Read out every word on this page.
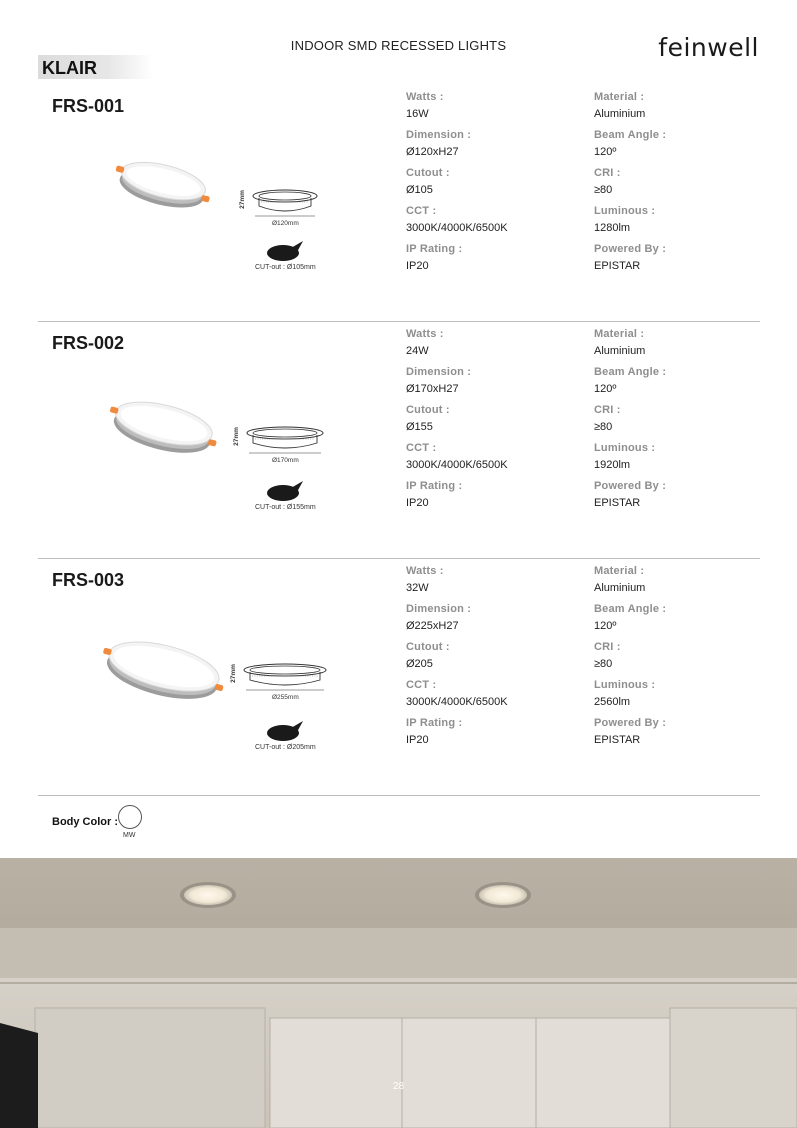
INDOOR SMD RECESSED LIGHTS	feinwell
KLAIR
FRS-001	Watts :
16W
Dimension :
Ø120xH27
Cutout :
Ø105
CCT :
3000K/4000K/6500K
IP Rating :
IP20
Material :
Aluminium
Beam Angle :
120º
CRI :
≥80
Luminous :
1280lm
Powered By :
EPISTAR
27mm
Ø120mm
CUT-out : Ø105mm
FRS-002	Watts :
24W
Dimension :
Ø170xH27
Cutout :
Ø155
CCT :
3000K/4000K/6500K
IP Rating :
IP20
Material :
Aluminium
Beam Angle :
120º
CRI :
≥80
Luminous :
1920lm
Powered By :
EPISTAR
27mm
Ø170mm
CUT-out : Ø155mm
FRS-003	Watts :
32W
Dimension :
Ø225xH27
Cutout :
Ø205
CCT :
3000K/4000K/6500K
IP Rating :
IP20
Material :
Aluminium
Beam Angle :
120º
CRI :
≥80
Luminous :
2560lm
Powered By :
EPISTAR
27mm
Ø255mm
CUT-out : Ø205mm
Body Color :
MW
28
